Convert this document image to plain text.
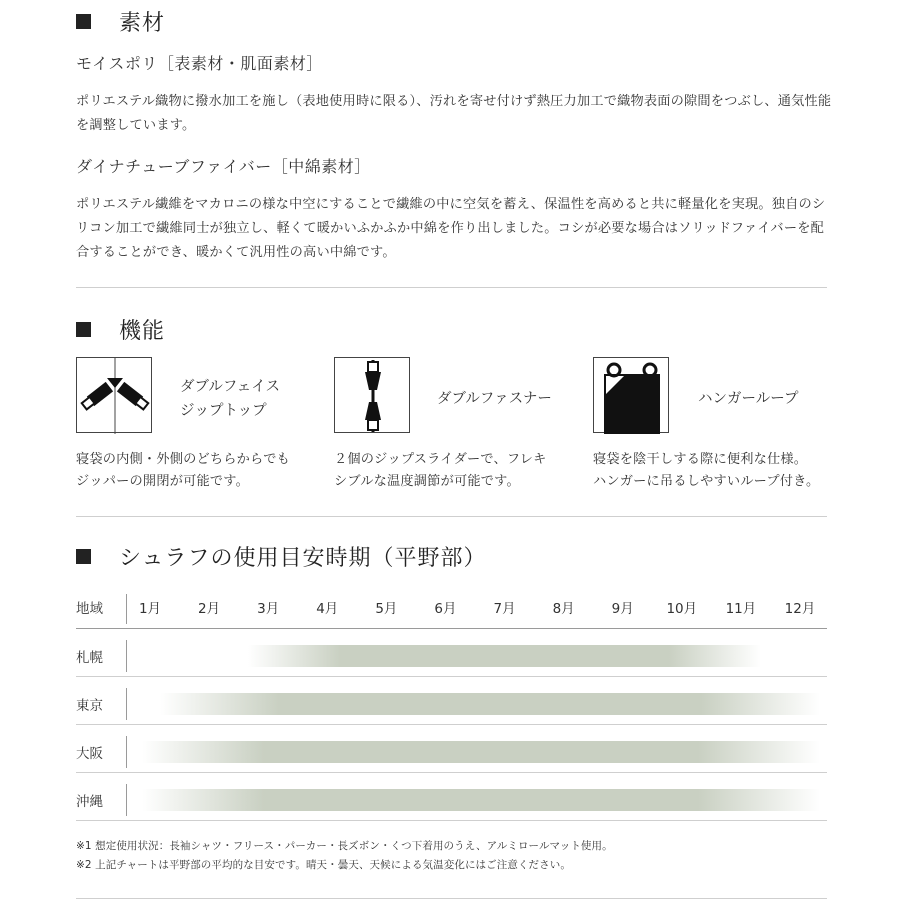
素材
モイスポリ［表素材・肌面素材］
ポリエステル織物に撥水加工を施し（表地使用時に限る）、汚れを寄せ付けず熱圧力加工で織物表面の隙間をつぶし、通気性能を調整しています。
ダイナチューブファイバー［中綿素材］
ポリエステル繊維をマカロニの様な中空にすることで繊維の中に空気を蓄え、保温性を高めると共に軽量化を実現。独自のシリコン加工で繊維同士が独立し、軽くて暖かいふかふか中綿を作り出しました。コシが必要な場合はソリッドファイバーを配合することができ、暖かくて汎用性の高い中綿です。
機能
ダブルフェイス
ジップトップ
寝袋の内側・外側のどちらからでも
ジッパーの開閉が可能です。
ダブルファスナー
２個のジップスライダーで、フレキ
シブルな温度調節が可能です。
ハンガーループ
寝袋を陰干しする際に便利な仕様。
ハンガーに吊るしやすいループ付き。
シュラフの使用目安時期（平野部）
地域	1月	2月	3月	4月	5月	6月	7月	8月	9月 10月 11月 12月
札幌
東京
大阪
沖縄
※1 想定使用状況：長袖シャツ・フリース・パーカー・長ズボン・くつ下着用のうえ、アルミロールマット使用。
※2 上記チャートは平野部の平均的な目安です。晴天・曇天、天候による気温変化にはご注意ください。
